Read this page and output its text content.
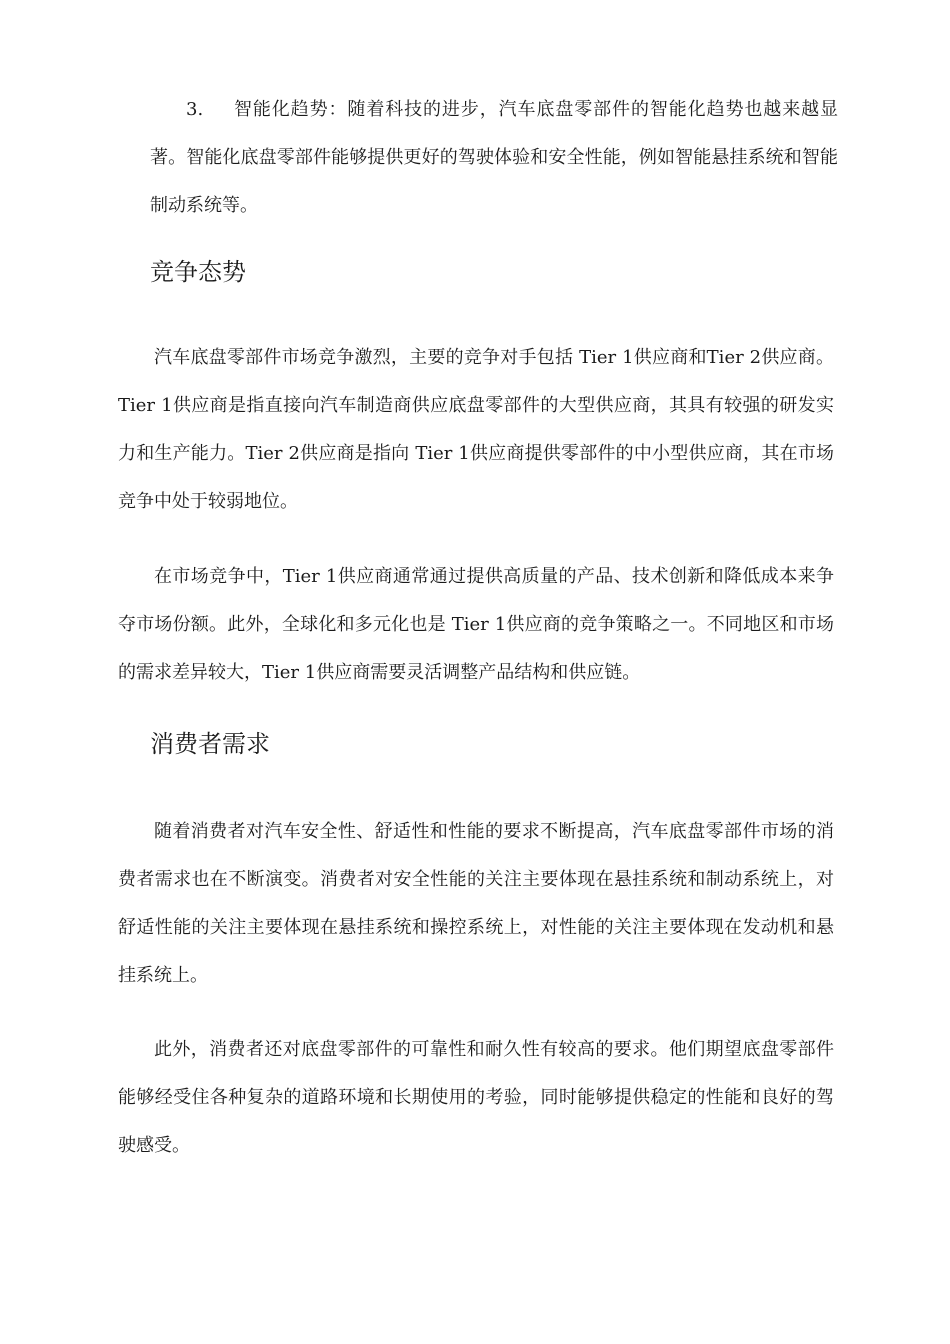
3.	智能化趋势：随着科技的进步，汽车底盘零部件的智能化趋势也越来越显著。智能化底盘零部件能够提供更好的驾驶体验和安全性能，例如智能悬挂系统和智能制动系统等。
竞争态势

汽车底盘零部件市场竞争激烈，主要的竞争对手包括 Tier 1供应商和Tier 2供应商。Tier 1供应商是指直接向汽车制造商供应底盘零部件的大型供应商，其具有较强的研发实力和生产能力。Tier 2供应商是指向 Tier 1供应商提供零部件的中小型供应商，其在市场竞争中处于较弱地位。

在市场竞争中，Tier 1供应商通常通过提供高质量的产品、技术创新和降低成本来争夺市场份额。此外，全球化和多元化也是 Tier 1供应商的竞争策略之一。不同地区和市场的需求差异较大，Tier 1供应商需要灵活调整产品结构和供应链。

消费者需求

随着消费者对汽车安全性、舒适性和性能的要求不断提高，汽车底盘零部件市场的消费者需求也在不断演变。消费者对安全性能的关注主要体现在悬挂系统和制动系统上，对舒适性能的关注主要体现在悬挂系统和操控系统上，对性能的关注主要体现在发动机和悬挂系统上。

此外，消费者还对底盘零部件的可靠性和耐久性有较高的要求。他们期望底盘零部件能够经受住各种复杂的道路环境和长期使用的考验，同时能够提供稳定的性能和良好的驾驶感受。
